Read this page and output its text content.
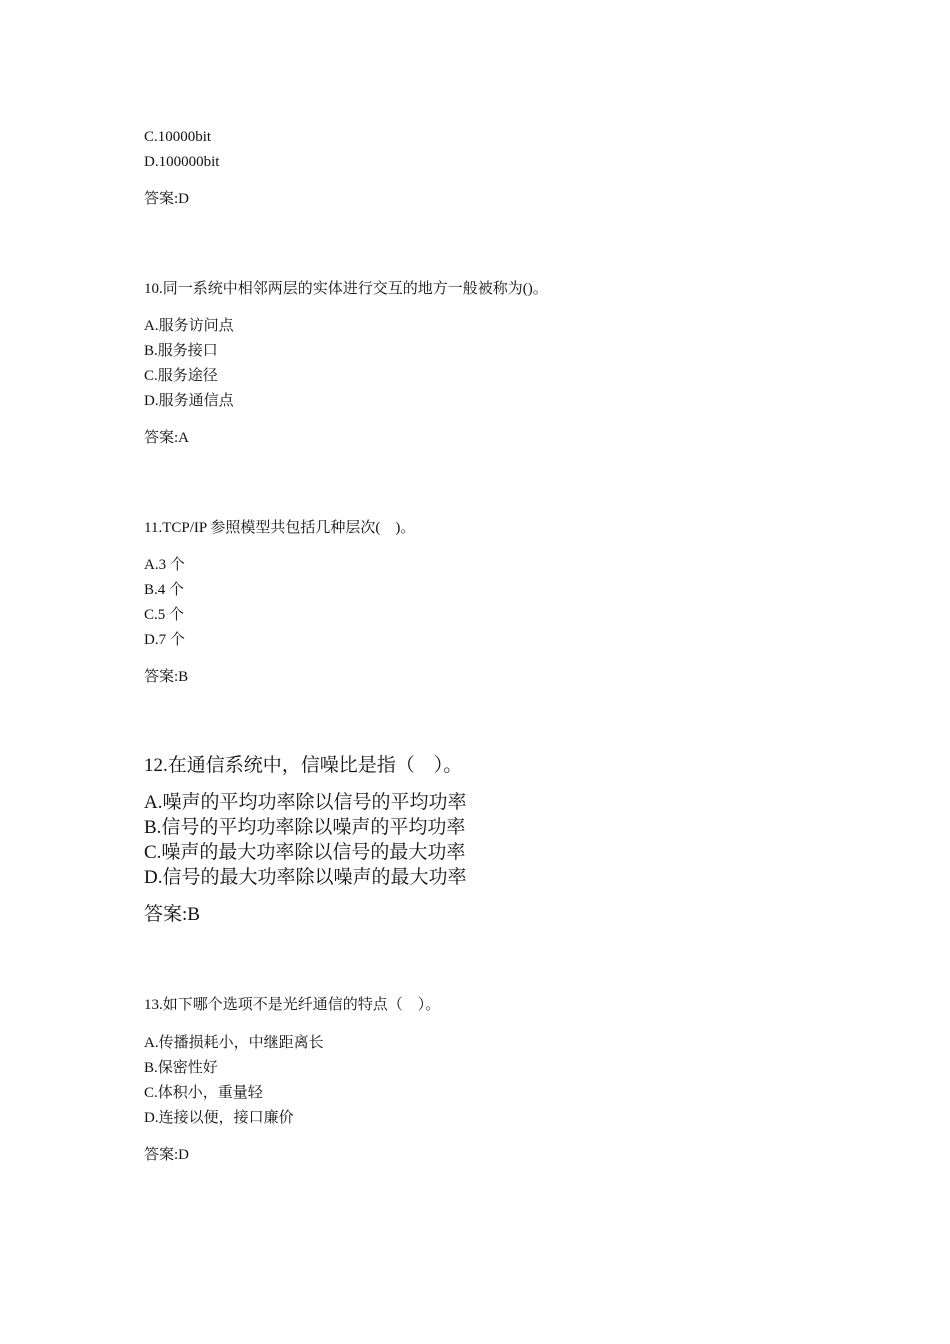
C.10000bit
D.100000bit
答案:D
10.同一系统中相邻两层的实体进行交互的地方一般被称为()。
A.服务访问点
B.服务接口
C.服务途径
D.服务通信点
答案:A
11.TCP/IP 参照模型共包括几种层次(　)。
A.3 个
B.4 个
C.5 个
D.7 个
答案:B
12.在通信系统中，信噪比是指（　）。
A.噪声的平均功率除以信号的平均功率
B.信号的平均功率除以噪声的平均功率
C.噪声的最大功率除以信号的最大功率
D.信号的最大功率除以噪声的最大功率
答案:B
13.如下哪个选项不是光纤通信的特点（　）。
A.传播损耗小，中继距离长
B.保密性好
C.体积小，重量轻
D.连接以便，接口廉价
答案:D
